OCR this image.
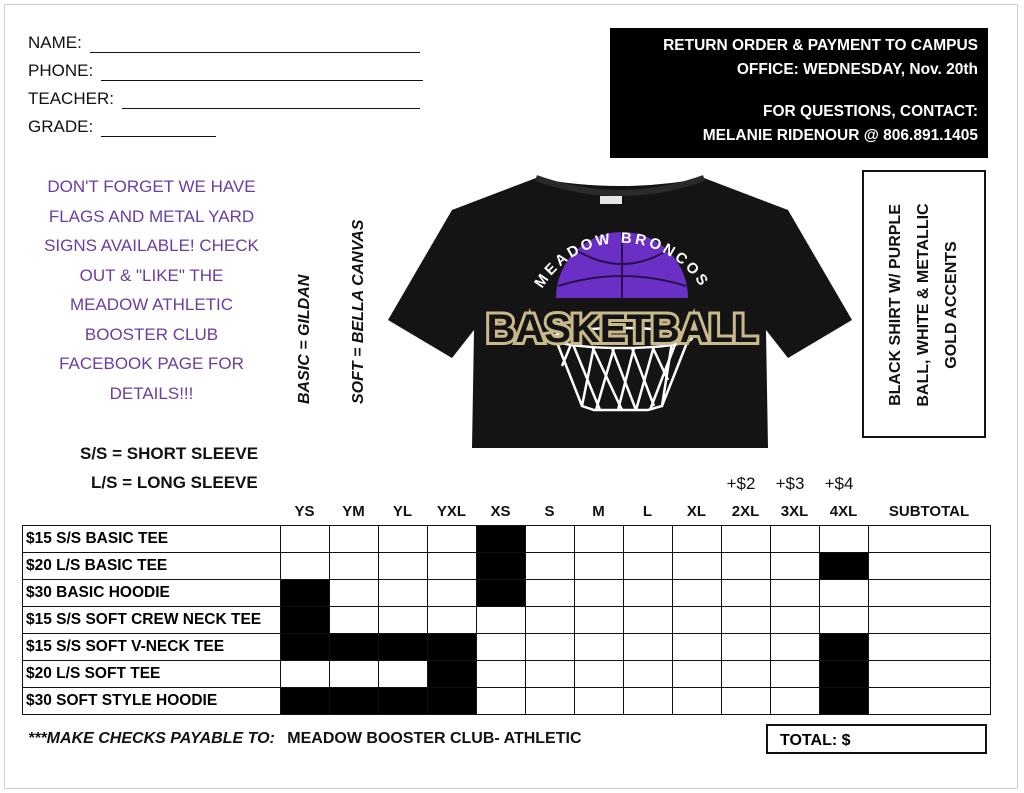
NAME:
PHONE:
TEACHER:
GRADE:
RETURN ORDER & PAYMENT TO CAMPUS
OFFICE: WEDNESDAY, Nov. 20th
FOR QUESTIONS, CONTACT:
MELANIE RIDENOUR @ 806.891.1405
DON'T FORGET WE HAVE
FLAGS AND METAL YARD
SIGNS AVAILABLE! CHECK
OUT & "LIKE" THE
MEADOW ATHLETIC
BOOSTER CLUB
FACEBOOK PAGE FOR
DETAILS!!!	BASIC = GILDAN SOFT = BELLA CANVAS	MEADOW BRONCOS
BASKETBALL	BLACK SHIRT W/ PURPLE BALL, WHITE & METALLIC GOLD ACCENTS
S/S = SHORT SLEEVE
L/S = LONG SLEEVE	+$2	+$3	+$4
YS	YM	YL	YXL	XS	S	M	L	XL	2XL	3XL	4XL	SUBTOTAL
$15 S/S BASIC TEE													
$20 L/S BASIC TEE													
$30 BASIC HOODIE													
$15 S/S SOFT CREW NECK TEE													
$15 S/S SOFT V-NECK TEE													
$20 L/S SOFT TEE													
$30 SOFT STYLE HOODIE													
***MAKE CHECKS PAYABLE TO: MEADOW BOOSTER CLUB- ATHLETIC	TOTAL: $
